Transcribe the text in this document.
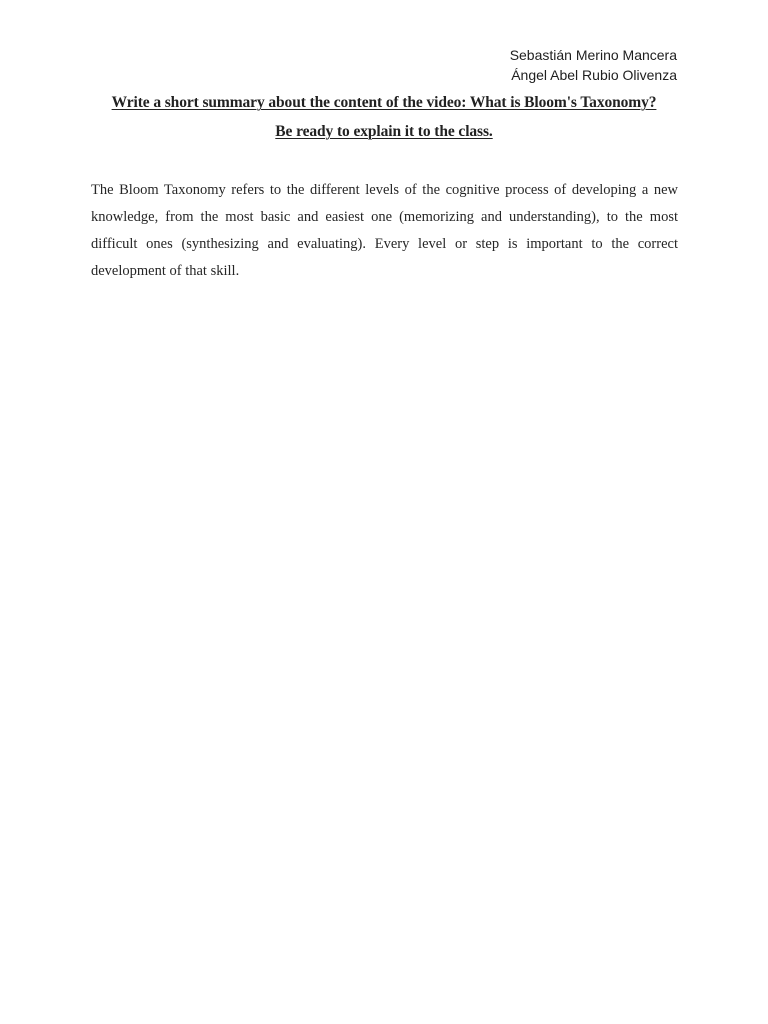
Sebastián Merino Mancera
Ángel Abel Rubio Olivenza
Write a short summary about the content of the video: What is Bloom's Taxonomy?
Be ready to explain it to the class.

The Bloom Taxonomy refers to the different levels of the cognitive process of developing a new knowledge, from the most basic and easiest one (memorizing and understanding), to the most difficult ones (synthesizing and evaluating). Every level or step is important to the correct development of that skill.
